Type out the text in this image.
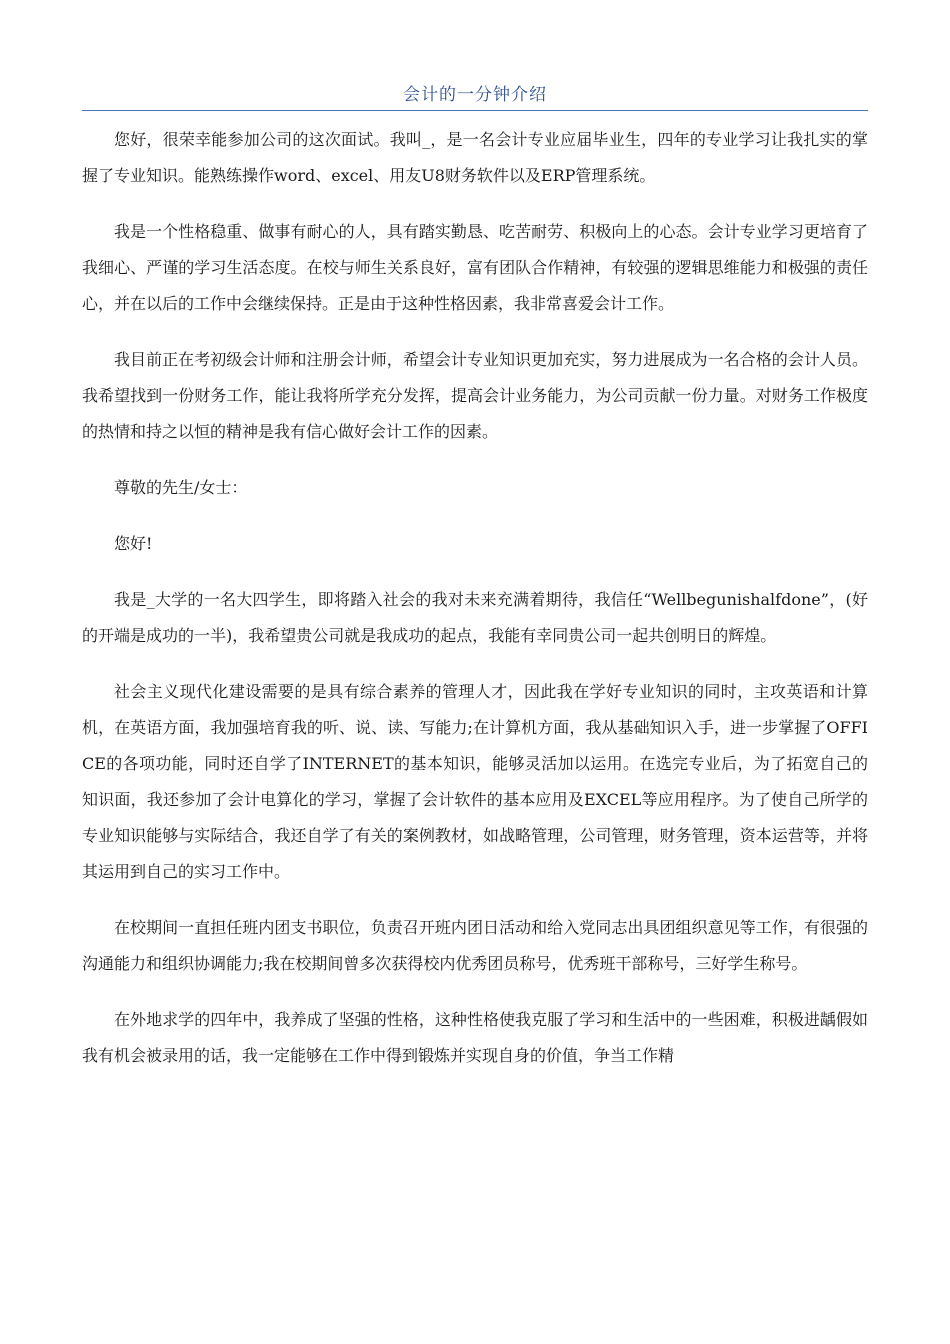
会计的一分钟介绍

您好，很荣幸能参加公司的这次面试。我叫_，是一名会计专业应届毕业生，四年的专业学习让我扎实的掌握了专业知识。能熟练操作word、excel、用友U8财务软件以及ERP管理系统。

我是一个性格稳重、做事有耐心的人，具有踏实勤恳、吃苦耐劳、积极向上的心态。会计专业学习更培育了我细心、严谨的学习生活态度。在校与师生关系良好，富有团队合作精神，有较强的逻辑思维能力和极强的责任心，并在以后的工作中会继续保持。正是由于这种性格因素，我非常喜爱会计工作。

我目前正在考初级会计师和注册会计师，希望会计专业知识更加充实，努力进展成为一名合格的会计人员。我希望找到一份财务工作，能让我将所学充分发挥，提高会计业务能力，为公司贡献一份力量。对财务工作极度的热情和持之以恒的精神是我有信心做好会计工作的因素。

尊敬的先生/女士：

您好!

我是_大学的一名大四学生，即将踏入社会的我对未来充满着期待，我信任“Wellbegunishalfdone”，(好的开端是成功的一半)，我希望贵公司就是我成功的起点，我能有幸同贵公司一起共创明日的辉煌。

社会主义现代化建设需要的是具有综合素养的管理人才，因此我在学好专业知识的同时，主攻英语和计算机，在英语方面，我加强培育我的听、说、读、写能力;在计算机方面，我从基础知识入手，进一步掌握了OFFICE的各项功能，同时还自学了INTERNET的基本知识，能够灵活加以运用。在选完专业后，为了拓宽自己的知识面，我还参加了会计电算化的学习，掌握了会计软件的基本应用及EXCEL等应用程序。为了使自己所学的专业知识能够与实际结合，我还自学了有关的案例教材，如战略管理，公司管理，财务管理，资本运营等，并将其运用到自己的实习工作中。

在校期间一直担任班内团支书职位，负责召开班内团日活动和给入党同志出具团组织意见等工作，有很强的沟通能力和组织协调能力;我在校期间曾多次获得校内优秀团员称号，优秀班干部称号，三好学生称号。

在外地求学的四年中，我养成了坚强的性格，这种性格使我克服了学习和生活中的一些困难，积极进龋假如我有机会被录用的话，我一定能够在工作中得到锻炼并实现自身的价值，争当工作精
